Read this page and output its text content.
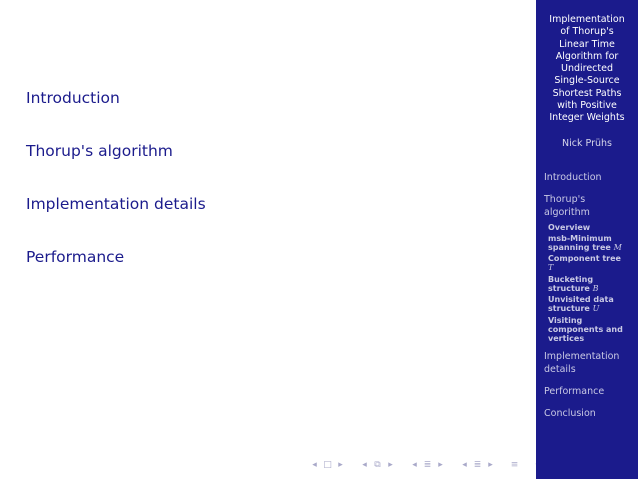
Introduction
Thorup's algorithm
Implementation details
Performance
◂ □ ▸	◂ ⧉ ▸	◂ ≣ ▸	◂ ≣ ▸	≡
Implementation
of Thorup's
Linear Time
Algorithm for
Undirected
Single-Source
Shortest Paths
with Positive
Integer Weights
Nick Prühs
Introduction
Thorup's
algorithm
Overview
msb-Minimum
spanning tree M
Component tree
T
Bucketing
structure B
Unvisited data
structure U
Visiting
components and
vertices
Implementation
details
Performance
Conclusion
